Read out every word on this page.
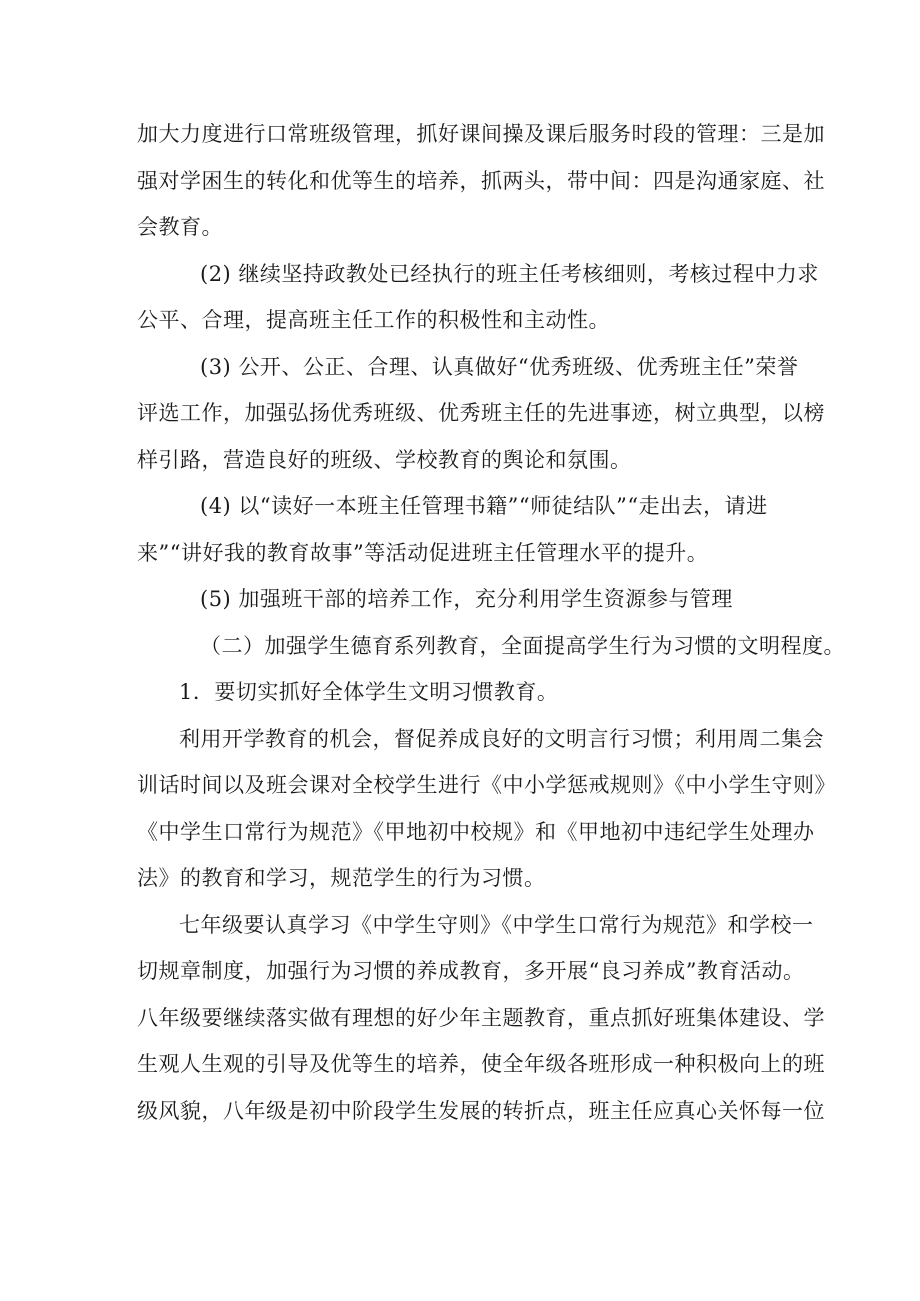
加大力度进行口常班级管理，抓好课间操及课后服务时段的管理：三是加
强对学困生的转化和优等生的培养，抓两头，带中间：四是沟通家庭、社
会教育。
(2) 继续坚持政教处已经执行的班主任考核细则，考核过程中力求
公平、合理，提高班主任工作的积极性和主动性。
(3) 公开、公正、合理、认真做好“优秀班级、优秀班主任”荣誉
评选工作，加强弘扬优秀班级、优秀班主任的先进事迹，树立典型，以榜
样引路，营造良好的班级、学校教育的舆论和氛围。
(4) 以“读好一本班主任管理书籍”“师徒结队”“走出去，请进
来”“讲好我的教育故事”等活动促进班主任管理水平的提升。
(5) 加强班干部的培养工作，充分利用学生资源参与管理
（二）加强学生德育系列教育，全面提高学生行为习惯的文明程度。
1．要切实抓好全体学生文明习惯教育。
利用开学教育的机会，督促养成良好的文明言行习惯；利用周二集会
训话时间以及班会课对全校学生进行《中小学惩戒规则》《中小学生守则》
《中学生口常行为规范》《甲地初中校规》和《甲地初中违纪学生处理办
法》的教育和学习，规范学生的行为习惯。
七年级要认真学习《中学生守则》《中学生口常行为规范》和学校一
切规章制度，加强行为习惯的养成教育，多开展“良习养成”教育活动。
八年级要继续落实做有理想的好少年主题教育，重点抓好班集体建设、学
生观人生观的引导及优等生的培养，使全年级各班形成一种积极向上的班
级风貌，八年级是初中阶段学生发展的转折点，班主任应真心关怀每一位
